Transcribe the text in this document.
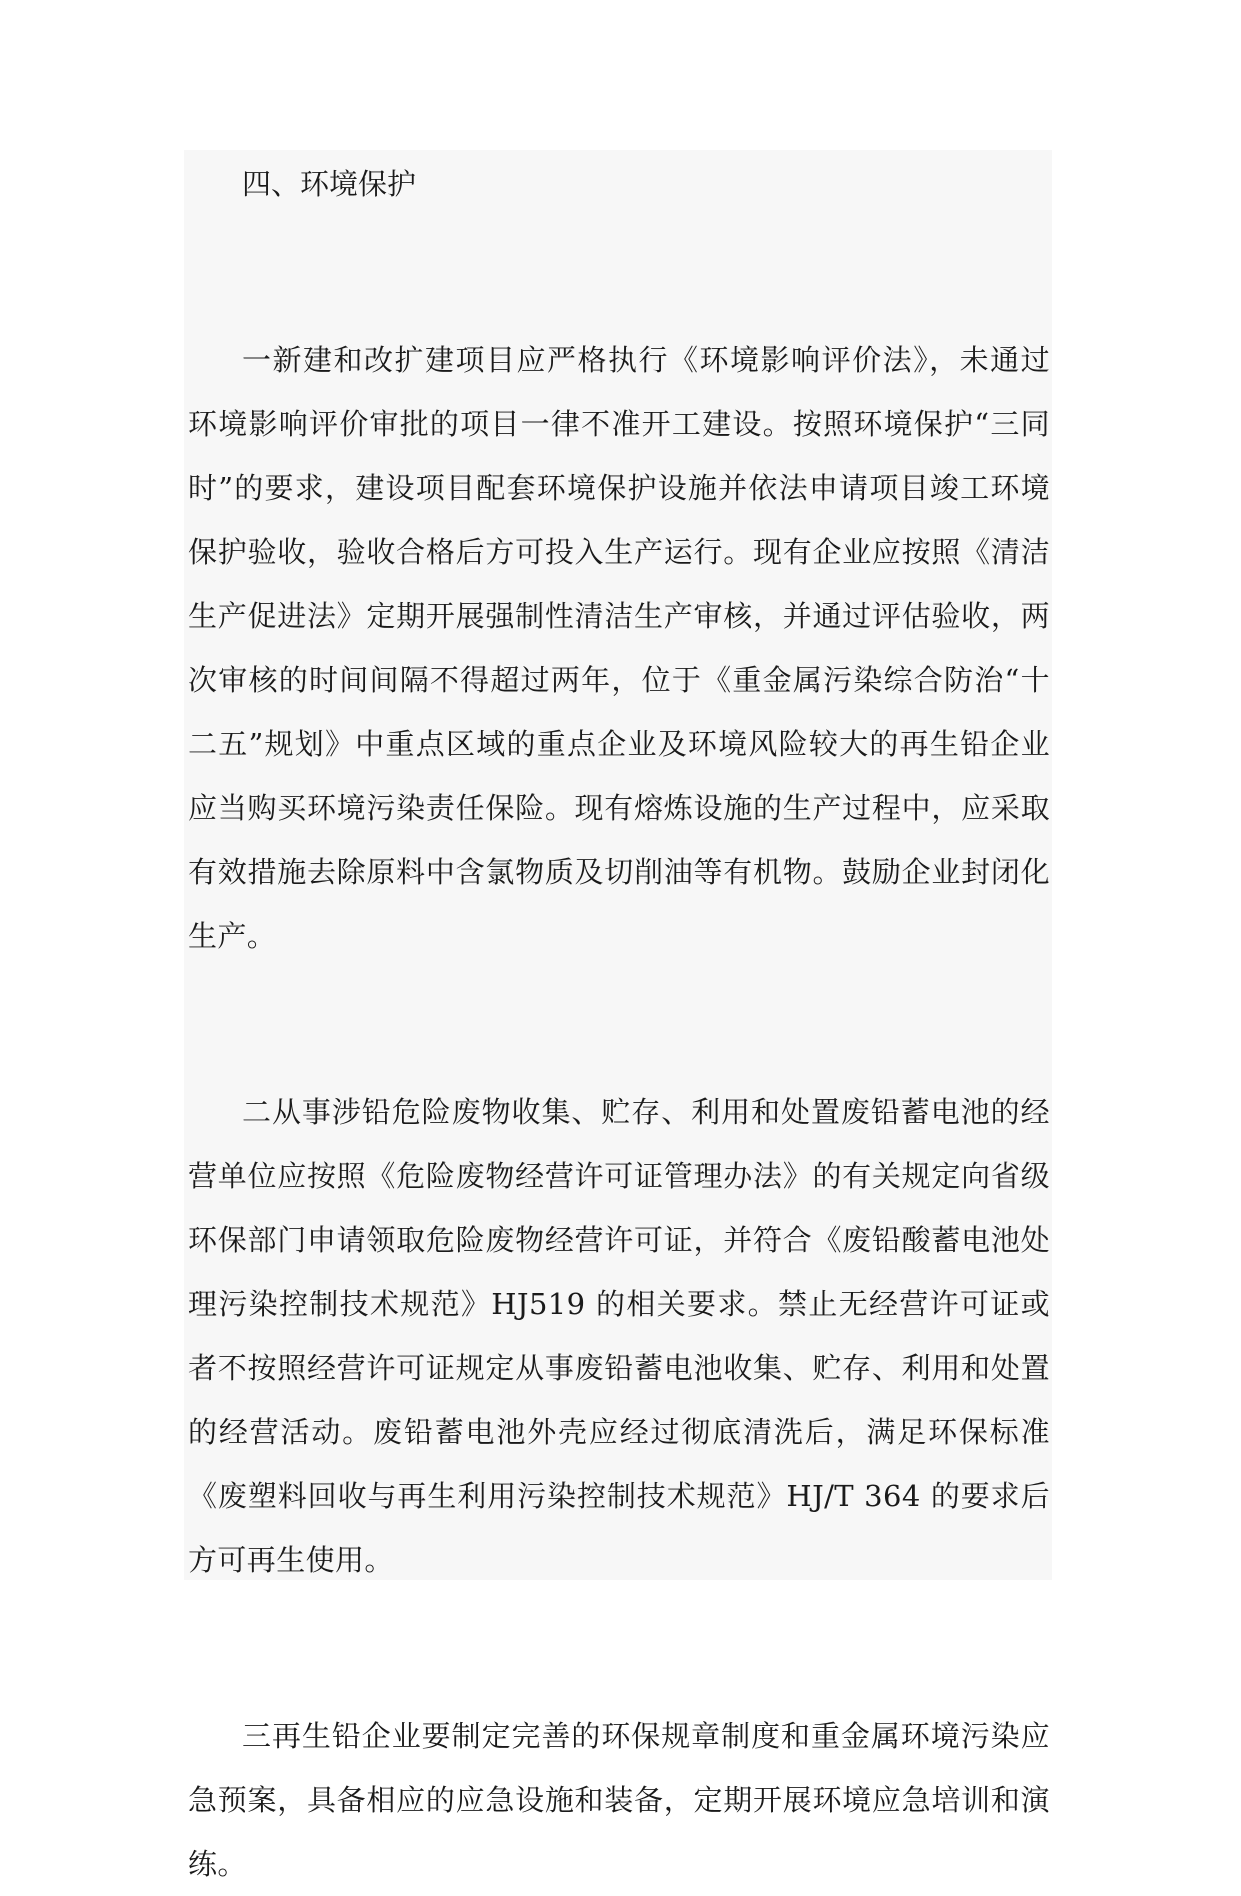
四、环境保护

一新建和改扩建项目应严格执行《环境影响评价法》，未通过环境影响评价审批的项目一律不准开工建设。按照环境保护“三同时”的要求，建设项目配套环境保护设施并依法申请项目竣工环境保护验收，验收合格后方可投入生产运行。现有企业应按照《清洁生产促进法》定期开展强制性清洁生产审核，并通过评估验收，两次审核的时间间隔不得超过两年，位于《重金属污染综合防治“十二五”规划》中重点区域的重点企业及环境风险较大的再生铅企业应当购买环境污染责任保险。现有熔炼设施的生产过程中，应采取有效措施去除原料中含氯物质及切削油等有机物。鼓励企业封闭化生产。

二从事涉铅危险废物收集、贮存、利用和处置废铅蓄电池的经营单位应按照《危险废物经营许可证管理办法》的有关规定向省级环保部门申请领取危险废物经营许可证，并符合《废铅酸蓄电池处理污染控制技术规范》HJ519 的相关要求。禁止无经营许可证或者不按照经营许可证规定从事废铅蓄电池收集、贮存、利用和处置的经营活动。废铅蓄电池外壳应经过彻底清洗后，满足环保标准《废塑料回收与再生利用污染控制技术规范》HJ/T 364 的要求后方可再生使用。

三再生铅企业要制定完善的环保规章制度和重金属环境污染应急预案，具备相应的应急设施和装备，定期开展环境应急培训和演练。
